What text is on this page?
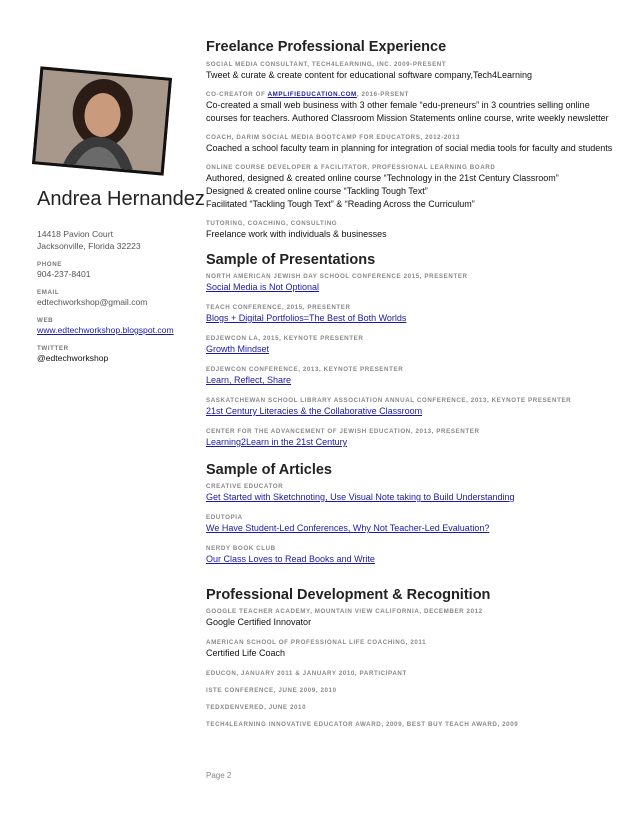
Andrea Hernandez
14418 Pavion Court
Jacksonville, Florida 32223
PHONE
904-237-8401
EMAIL
edtechworkshop@gmail.com
WEB
www.edtechworkshop.blogspot.com
TWITTER
@edtechworkshop
Freelance Professional Experience
SOCIAL MEDIA CONSULTANT, TECH4LEARNING, INC. 2009-PRESENT
Tweet & curate & create content for educational software company,Tech4Learning
CO-CREATOR OF AMPLIFIEDUCATION.COM, 2016-PRSENT
Co-created a small web business with 3 other female “edu-preneurs” in 3 countries selling online courses for teachers. Authored Classroom Mission Statements online course, write weekly newsletter
COACH, DARIM SOCIAL MEDIA BOOTCAMP FOR EDUCATORS, 2012-2013
Coached a school faculty team in planning for integration of social media tools for faculty and students
ONLINE COURSE DEVELOPER & FACILITATOR, PROFESSIONAL LEARNING BOARD
Authored, designed & created online course “Technology in the 21st Century Classroom”
Designed & created online course “Tackling Tough Text”
Facilitated “Tackling Tough Text” & “Reading Across the Curriculum”
TUTORING, COACHING, CONSULTING
Freelance work with individuals & businesses
Sample of Presentations
NORTH AMERICAN JEWISH DAY SCHOOL CONFERENCE 2015, PRESENTER
Social Media is Not Optional
TEACH CONFERENCE, 2015, PRESENTER
Blogs + Digital Portfolios=The Best of Both Worlds
EDJEWCON LA, 2015, KEYNOTE PRESENTER
Growth Mindset
EDJEWCON CONFERENCE, 2013, KEYNOTE PRESENTER
Learn, Reflect, Share
SASKATCHEWAN SCHOOL LIBRARY ASSOCIATION ANNUAL CONFERENCE, 2013, KEYNOTE PRESENTER
21st Century Literacies & the Collaborative Classroom
CENTER FOR THE ADVANCEMENT OF JEWISH EDUCATION, 2013, PRESENTER
Learning2Learn in the 21st Century
Sample of Articles
CREATIVE EDUCATOR
Get Started with Sketchnoting, Use Visual Note taking to Build Understanding
EDUTOPIA
We Have Student-Led Conferences, Why Not Teacher-Led Evaluation?
NERDY BOOK CLUB
Our Class Loves to Read Books and Write
Professional Development & Recognition
GOOGLE TEACHER ACADEMY, MOUNTAIN VIEW CALIFORNIA, DECEMBER 2012
Google Certified Innovator
AMERICAN SCHOOL OF PROFESSIONAL LIFE COACHING, 2011
Certified Life Coach
EDUCON, JANUARY 2011 & JANUARY 2010, PARTICIPANT
ISTE CONFERENCE, JUNE 2009, 2010
TEDXDENVERED, JUNE 2010
TECH4LEARNING INNOVATIVE EDUCATOR AWARD, 2009, BEST BUY TEACH AWARD, 2009
Page 2
